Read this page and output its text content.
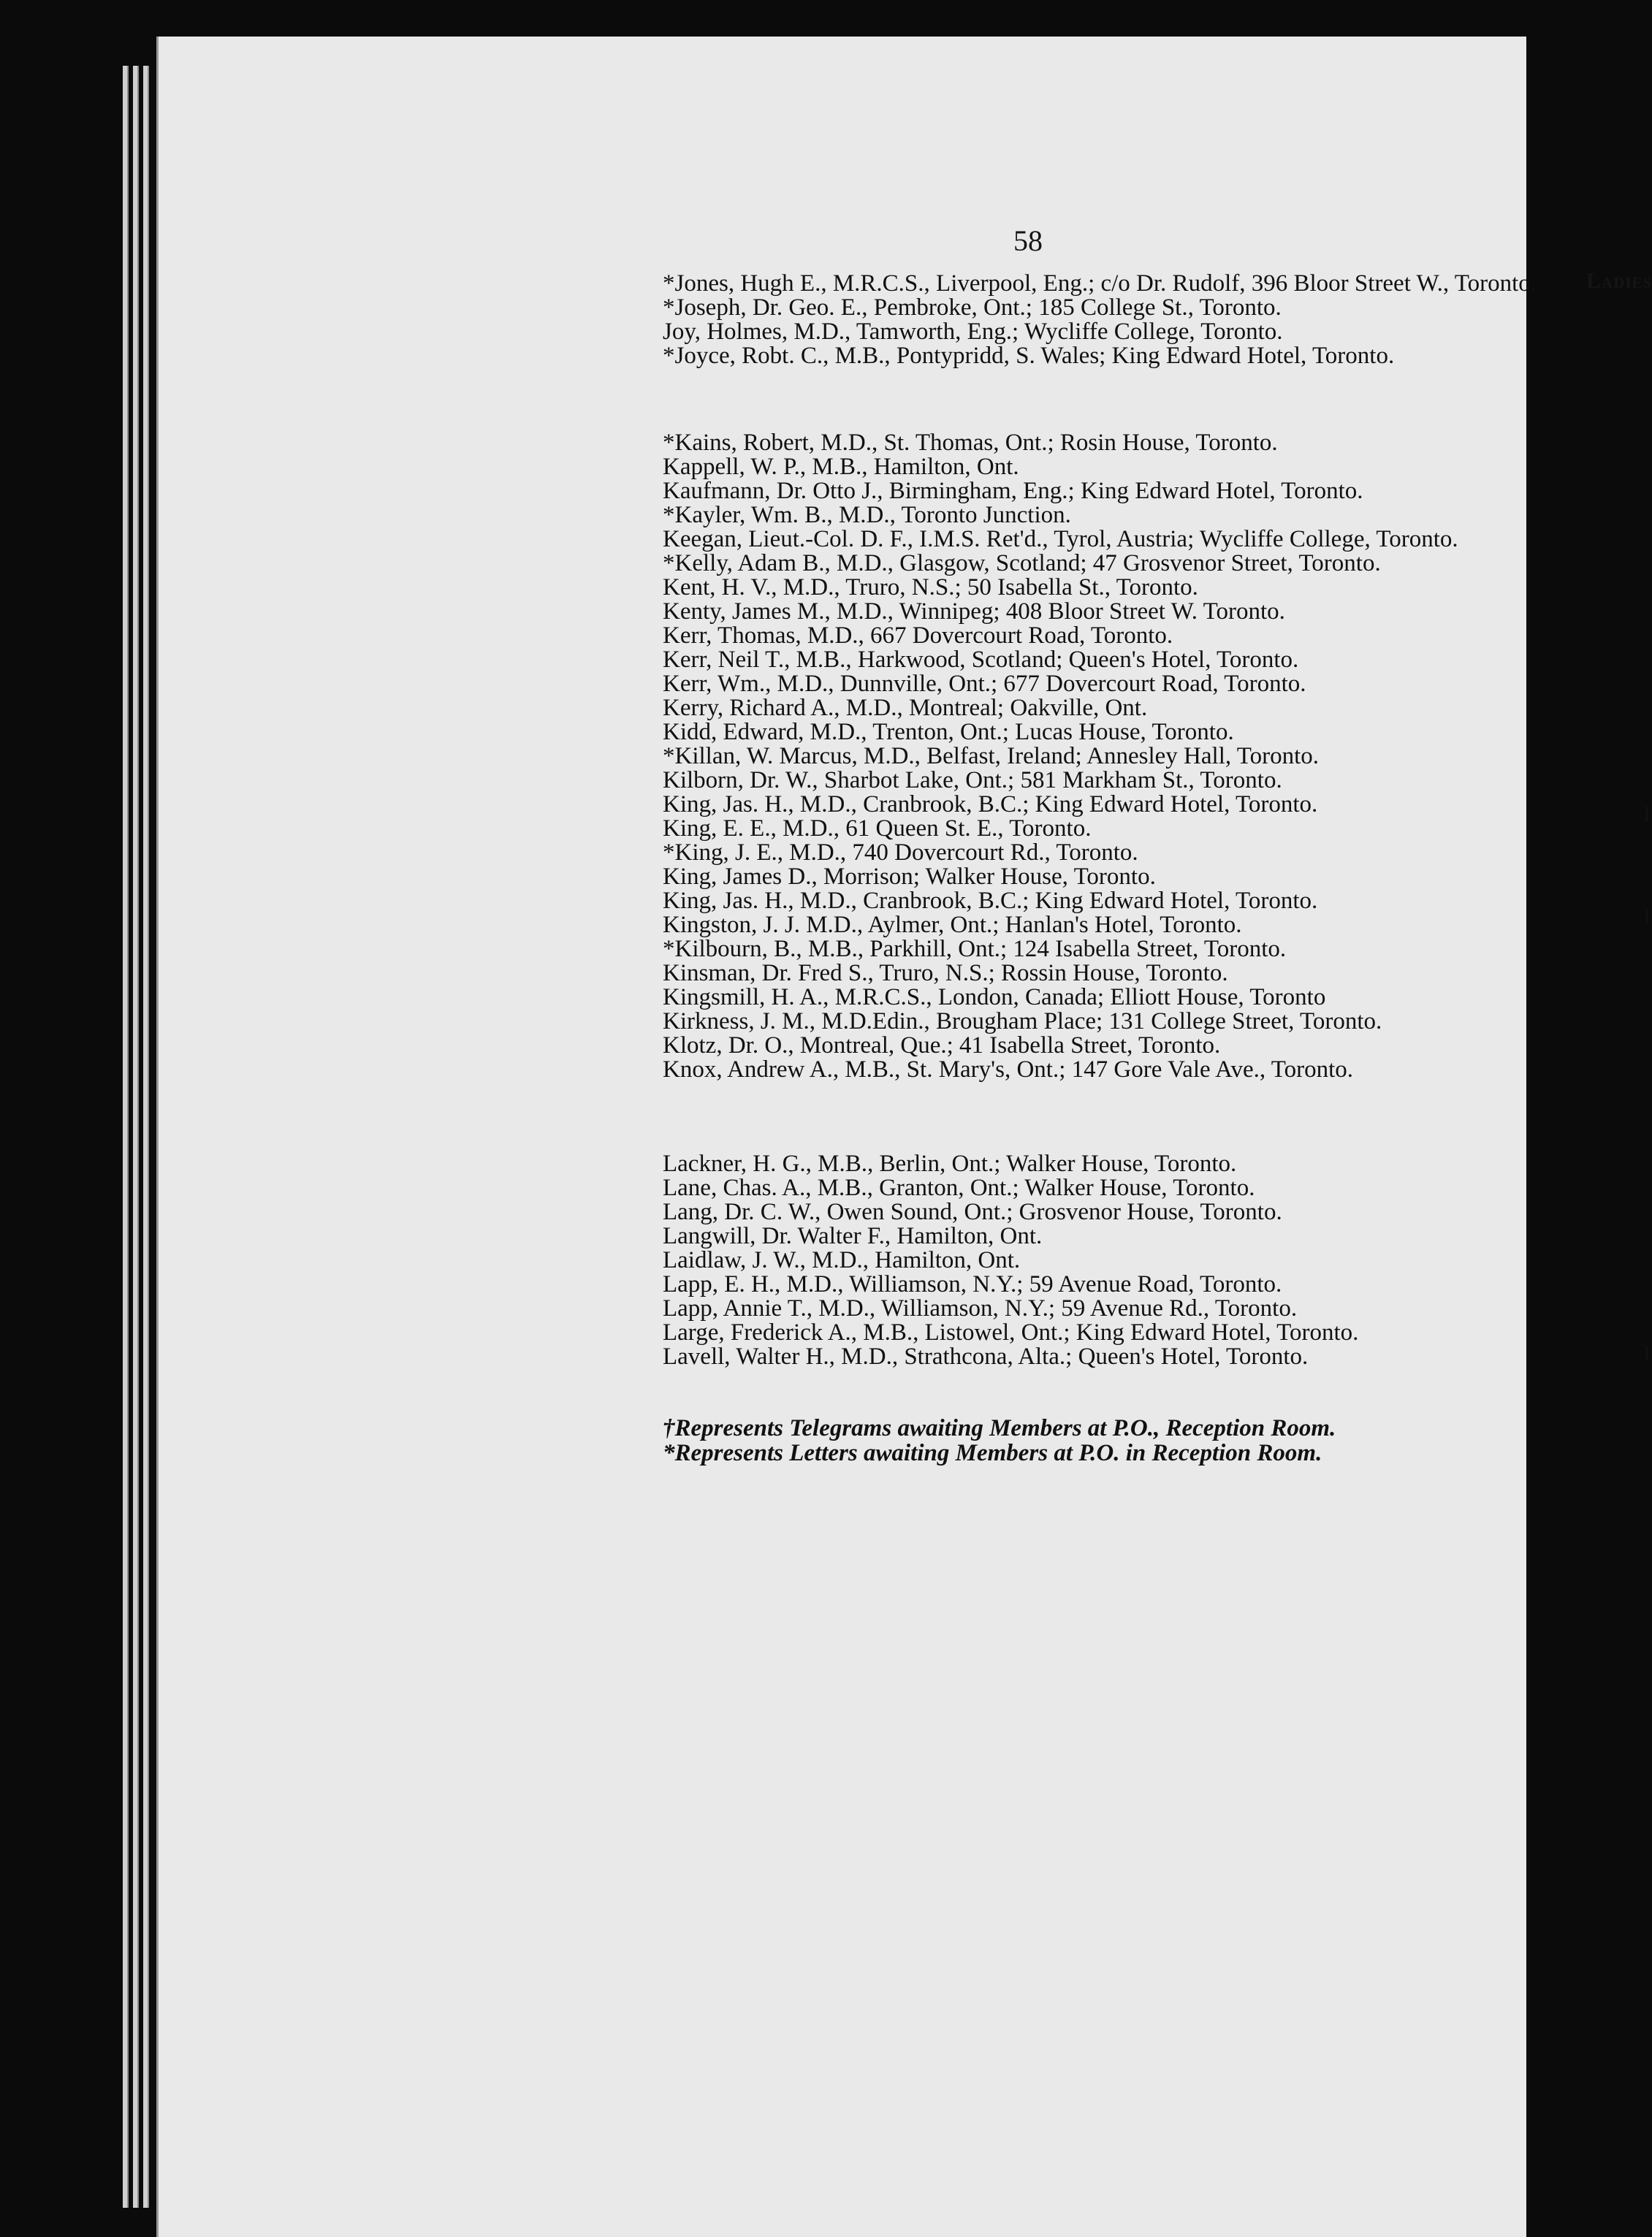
58
Ladies

*Jones, Hugh E., M.R.C.S., Liverpool, Eng.; c/o Dr. Rudolf, 396 Bloor Street W., Toronto.

*Joseph, Dr. Geo. E., Pembroke, Ont.; 185 College St., Toronto.

Joy, Holmes, M.D., Tamworth, Eng.; Wycliffe College, Toronto.

*Joyce, Robt. C., M.B., Pontypridd, S. Wales; King Edward Hotel, Toronto.

*Kains, Robert, M.D., St. Thomas, Ont.; Rosin House, Toronto.

Kappell, W. P., M.B., Hamilton, Ont.

Kaufmann, Dr. Otto J., Birmingham, Eng.; King Edward Hotel, Toronto.

*Kayler, Wm. B., M.D., Toronto Junction.

Keegan, Lieut.-Col. D. F., I.M.S. Ret'd., Tyrol, Austria; Wycliffe College, Toronto.

*Kelly, Adam B., M.D., Glasgow, Scotland; 47 Grosvenor Street, Toronto.

Kent, H. V., M.D., Truro, N.S.; 50 Isabella St., Toronto.

Kenty, James M., M.D., Winnipeg; 408 Bloor Street W. Toronto.

Kerr, Thomas, M.D., 667 Dovercourt Road, Toronto.

Kerr, Neil T., M.B., Harkwood, Scotland; Queen's Hotel, Toronto.

Kerr, Wm., M.D., Dunnville, Ont.; 677 Dovercourt Road, Toronto.

Kerry, Richard A., M.D., Montreal; Oakville, Ont.

Kidd, Edward, M.D., Trenton, Ont.; Lucas House, Toronto.

*Killan, W. Marcus, M.D., Belfast, Ireland; Annesley Hall, Toronto.

Kilborn, Dr. W., Sharbot Lake, Ont.; 581 Markham St., Toronto.

King, Jas. H., M.D., Cranbrook, B.C.; King Edward Hotel, Toronto.

King, E. E., M.D., 61 Queen St. E., Toronto.

*King, J. E., M.D., 740 Dovercourt Rd., Toronto.

King, James D., Morrison; Walker House, Toronto.

King, Jas. H., M.D., Cranbrook, B.C.; King Edward Hotel, Toronto.

Kingston, J. J. M.D., Aylmer, Ont.; Hanlan's Hotel, Toronto.

*Kilbourn, B., M.B., Parkhill, Ont.; 124 Isabella Street, Toronto.

Kinsman, Dr. Fred S., Truro, N.S.; Rossin House, Toronto.

Kingsmill, H. A., M.R.C.S., London, Canada; Elliott House, Toronto

Kirkness, J. M., M.D.Edin., Brougham Place; 131 College Street, Toronto.

Klotz, Dr. O., Montreal, Que.; 41 Isabella Street, Toronto.

Knox, Andrew A., M.B., St. Mary's, Ont.; 147 Gore Vale Ave., Toronto.

Lackner, H. G., M.B., Berlin, Ont.; Walker House, Toronto.

Lane, Chas. A., M.B., Granton, Ont.; Walker House, Toronto.

Lang, Dr. C. W., Owen Sound, Ont.; Grosvenor House, Toronto.

Langwill, Dr. Walter F., Hamilton, Ont.

Laidlaw, J. W., M.D., Hamilton, Ont.

Lapp, E. H., M.D., Williamson, N.Y.; 59 Avenue Road, Toronto.

Lapp, Annie T., M.D., Williamson, N.Y.; 59 Avenue Rd., Toronto.

Large, Frederick A., M.B., Listowel, Ont.; King Edward Hotel, Toronto.

Lavell, Walter H., M.D., Strathcona, Alta.; Queen's Hotel, Toronto.

†Represents Telegrams awaiting Members at P.O., Reception Room.

*Represents Letters awaiting Members at P.O. in Reception Room.

I
I
I
